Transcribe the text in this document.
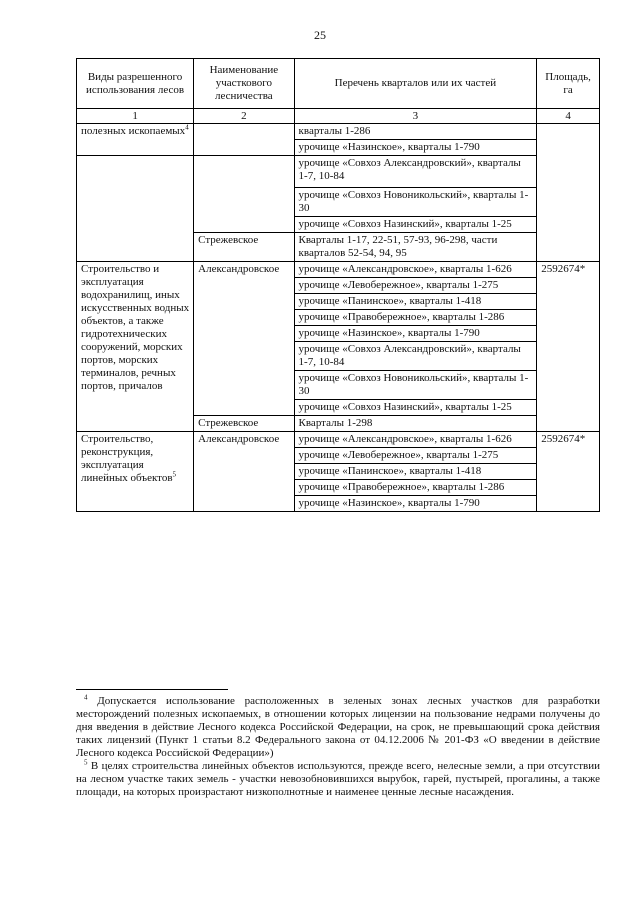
25
Виды разрешенного использования лесов	Наименование участкового лесничества	Перечень кварталов или их частей	Площадь, га
1	2	3	4
полезных ископаемых$^4$		кварталы 1-286	
		урочище «Назинское», кварталы 1-790	
		урочище «Совхоз Александровский», кварталы 1-7, 10-84	
		урочище «Совхоз Новоникольский», кварталы 1-30	
		урочище «Совхоз Назинский», кварталы 1-25	
	Стрежевское	Кварталы 1-17, 22-51, 57-93, 96-298, части кварталов 52-54, 94, 95	
Строительство и эксплуатация водохранилищ, иных искусственных водных объектов, а также гидротехнических сооружений, морских портов, морских терминалов, речных портов, причалов	Александровское	урочище «Александровское», кварталы 1-626	2592674*
		урочище «Левобережное», кварталы 1-275	
		урочище «Панинское», кварталы 1-418	
		урочище «Правобережное», кварталы 1-286	
		урочище «Назинское», кварталы 1-790	
		урочище «Совхоз Александровский», кварталы 1-7, 10-84	
		урочище «Совхоз Новоникольский», кварталы 1-30	
		урочище «Совхоз Назинский», кварталы 1-25	
	Стрежевское	Кварталы 1-298	
Строительство, реконструкция, эксплуатация линейных объектов$^5$	Александровское	урочище «Александровское», кварталы 1-626	2592674*
		урочище «Левобережное», кварталы 1-275	
		урочище «Панинское», кварталы 1-418	
		урочище «Правобережное», кварталы 1-286	
		урочище «Назинское», кварталы 1-790	

$^4$ Допускается использование расположенных в зеленых зонах лесных участков для разработки месторождений полезных ископаемых, в отношении которых лицензии на пользование недрами получены до дня введения в действие Лесного кодекса Российской Федерации, на срок, не превышающий срока действия таких лицензий (Пункт 1 статьи 8.2 Федерального закона от 04.12.2006 № 201-ФЗ «О введении в действие Лесного кодекса Российской Федерации»)

$^5$ В целях строительства линейных объектов используются, прежде всего, нелесные земли, а при отсутствии на лесном участке таких земель - участки невозобновившихся вырубок, гарей, пустырей, прогалины, а также площади, на которых произрастают низкополнотные и наименее ценные лесные насаждения.
